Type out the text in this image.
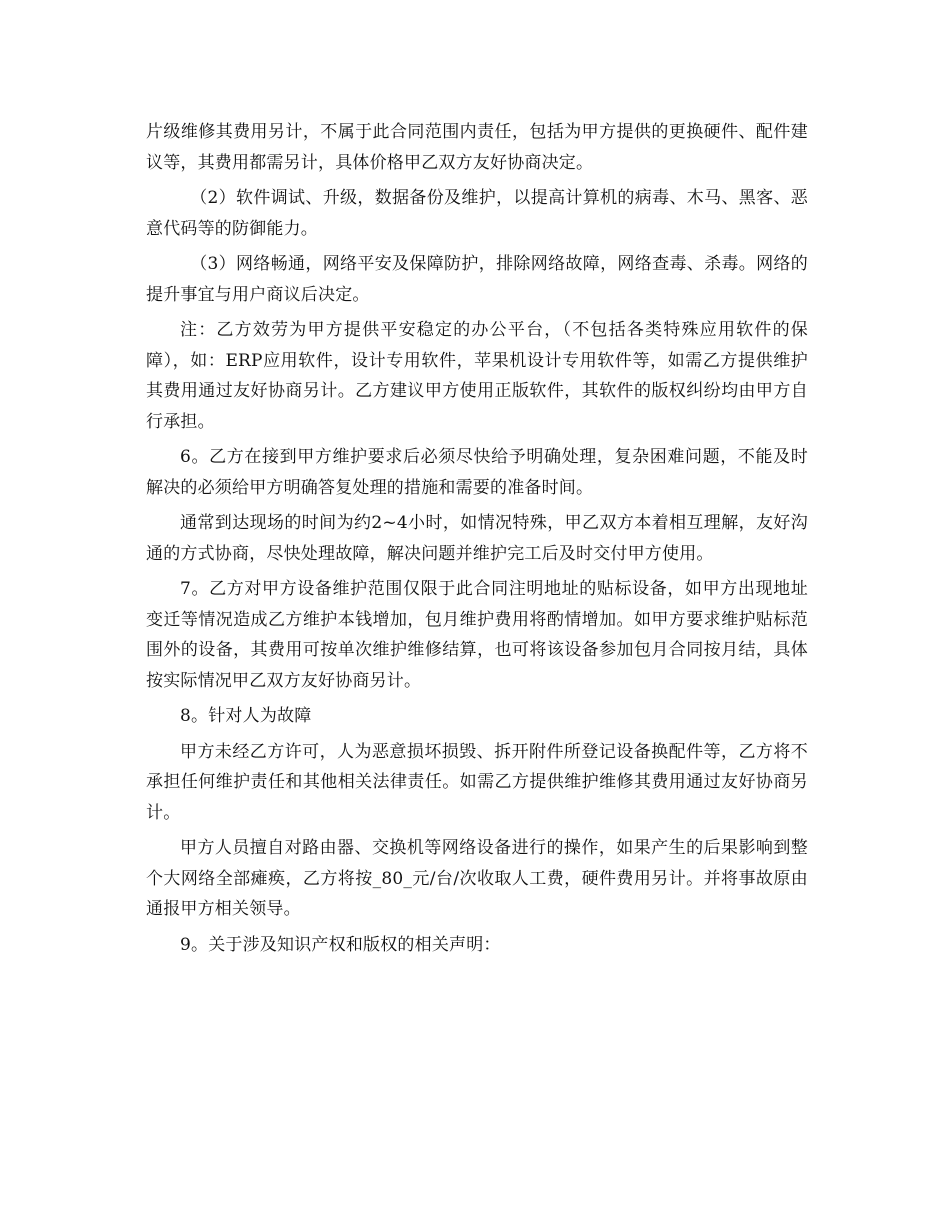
片级维修其费用另计，不属于此合同范围内责任，包括为甲方提供的更换硬件、配件建议等，其费用都需另计，具体价格甲乙双方友好协商决定。

（2）软件调试、升级，数据备份及维护，以提高计算机的病毒、木马、黑客、恶意代码等的防御能力。

（3）网络畅通，网络平安及保障防护，排除网络故障，网络查毒、杀毒。网络的提升事宜与用户商议后决定。

注：乙方效劳为甲方提供平安稳定的办公平台，（不包括各类特殊应用软件的保障），如：ERP应用软件，设计专用软件，苹果机设计专用软件等，如需乙方提供维护其费用通过友好协商另计。乙方建议甲方使用正版软件，其软件的版权纠纷均由甲方自行承担。

6。乙方在接到甲方维护要求后必须尽快给予明确处理，复杂困难问题，不能及时解决的必须给甲方明确答复处理的措施和需要的准备时间。

通常到达现场的时间为约2~4小时，如情况特殊，甲乙双方本着相互理解，友好沟通的方式协商，尽快处理故障，解决问题并维护完工后及时交付甲方使用。

7。乙方对甲方设备维护范围仅限于此合同注明地址的贴标设备，如甲方出现地址变迁等情况造成乙方维护本钱增加，包月维护费用将酌情增加。如甲方要求维护贴标范围外的设备，其费用可按单次维护维修结算，也可将该设备参加包月合同按月结，具体按实际情况甲乙双方友好协商另计。

8。针对人为故障

甲方未经乙方许可，人为恶意损坏损毁、拆开附件所登记设备换配件等，乙方将不承担任何维护责任和其他相关法律责任。如需乙方提供维护维修其费用通过友好协商另计。

甲方人员擅自对路由器、交换机等网络设备进行的操作，如果产生的后果影响到整个大网络全部瘫痪，乙方将按_80_元/台/次收取人工费，硬件费用另计。并将事故原由通报甲方相关领导。

9。关于涉及知识产权和版权的相关声明：
